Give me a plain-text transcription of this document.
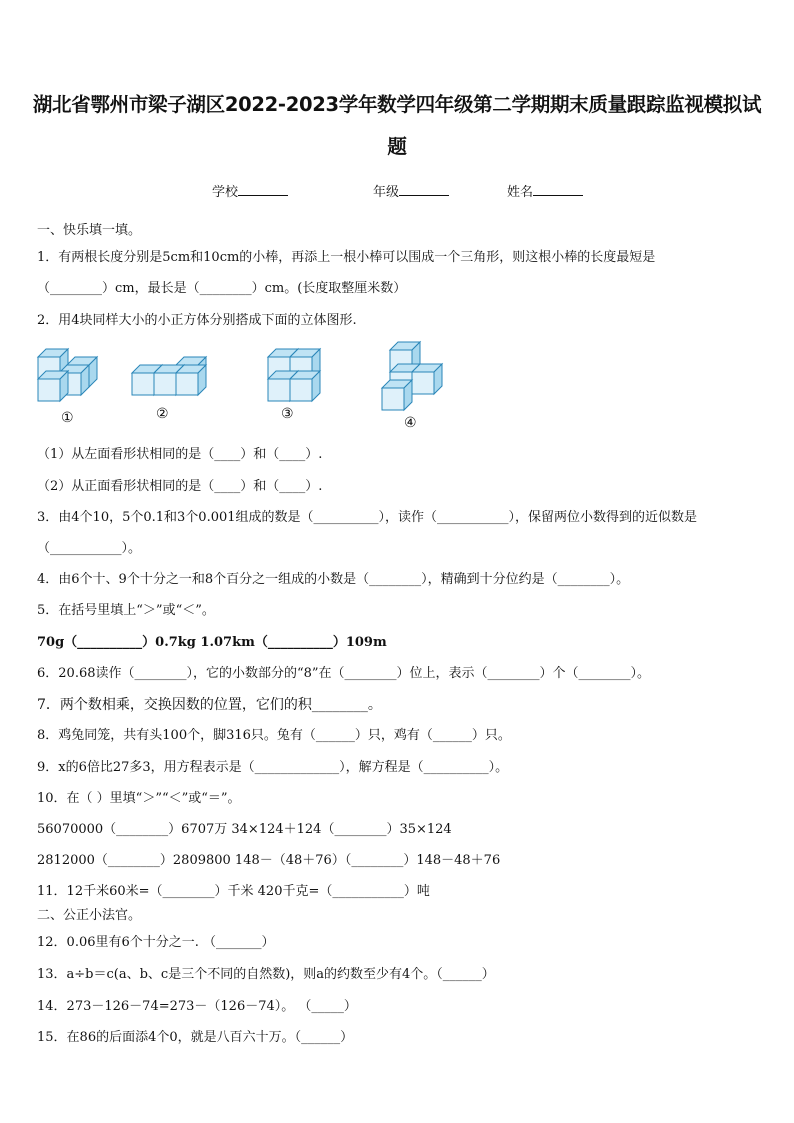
湖北省鄂州市梁子湖区2022-2023学年数学四年级第二学期期末质量跟踪监视模拟试
题
学校	年级	姓名
一、快乐填一填。
1．有两根长度分别是5cm和10cm的小棒，再添上一根小棒可以围成一个三角形，则这根小棒的长度最短是
（________）cm，最长是（________）cm。(长度取整厘米数）
2．用4块同样大小的小正方体分别搭成下面的立体图形.
①	②	③
④
（1）从左面看形状相同的是（____）和（____）.
（2）从正面看形状相同的是（____）和（____）.
3．由4个10，5个0.1和3个0.001组成的数是（__________），读作（___________），保留两位小数得到的近似数是
（___________）。
4．由6个十、9个十分之一和8个百分之一组成的小数是（________），精确到十分位约是（________）。
5．在括号里填上“＞”或“＜”。
70g（__________）0.7kg 1.07km（__________）109m
6．20.68读作（________），它的小数部分的“8”在（________）位上，表示（________）个（________）。
7．两个数相乘，交换因数的位置，它们的积________。
8．鸡兔同笼，共有头100个，脚316只。兔有（______）只，鸡有（______）只。
9．x的6倍比27多3，用方程表示是（_____________），解方程是（__________）。
10．在（ ）里填“＞”“＜”或“＝”。
56070000（________）6707万 34×124＋124（________）35×124
2812000（________）2809800 148－（48＋76）（________）148－48＋76
11．12千米60米=（________）千米 420千克=（___________）吨
二、公正小法官。
12．0.06里有6个十分之一. （_______）
13．a÷b＝c(a、b、c是三个不同的自然数)，则a的约数至少有4个。（______）
14．273－126－74=273－（126－74）。 （_____）
15．在86的后面添4个0，就是八百六十万。（______）
